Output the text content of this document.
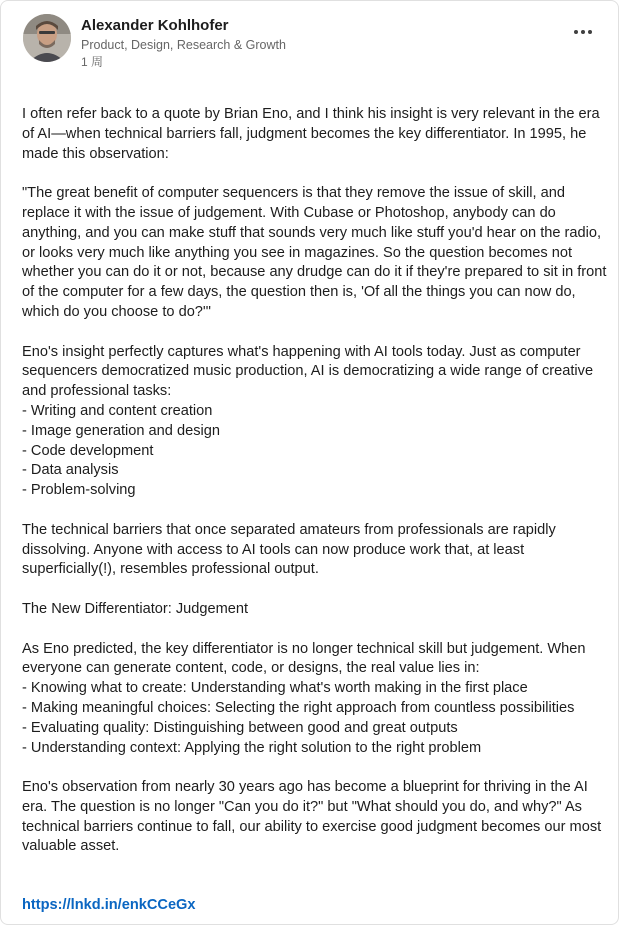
Alexander Kohlhofer
Product, Design, Research & Growth
1 周

I often refer back to a quote by Brian Eno, and I think his insight is very relevant in the era of AI—when technical barriers fall, judgment becomes the key differentiator. In 1995, he made this observation:

"The great benefit of computer sequencers is that they remove the issue of skill, and replace it with the issue of judgement. With Cubase or Photoshop, anybody can do anything, and you can make stuff that sounds very much like stuff you'd hear on the radio, or looks very much like anything you see in magazines. So the question becomes not whether you can do it or not, because any drudge can do it if they're prepared to sit in front of the computer for a few days, the question then is, 'Of all the things you can now do, which do you choose to do?'"

Eno's insight perfectly captures what's happening with AI tools today. Just as computer sequencers democratized music production, AI is democratizing a wide range of creative and professional tasks:
- Writing and content creation
- Image generation and design
- Code development
- Data analysis
- Problem-solving

The technical barriers that once separated amateurs from professionals are rapidly dissolving. Anyone with access to AI tools can now produce work that, at least superficially(!), resembles professional output.

The New Differentiator: Judgement

As Eno predicted, the key differentiator is no longer technical skill but judgement. When everyone can generate content, code, or designs, the real value lies in:
- Knowing what to create: Understanding what's worth making in the first place
- Making meaningful choices: Selecting the right approach from countless possibilities
- Evaluating quality: Distinguishing between good and great outputs
- Understanding context: Applying the right solution to the right problem

Eno's observation from nearly 30 years ago has become a blueprint for thriving in the AI era. The question is no longer "Can you do it?" but "What should you do, and why?" As technical barriers continue to fall, our ability to exercise good judgment becomes our most valuable asset.

https://lnkd.in/enkCCeGx
